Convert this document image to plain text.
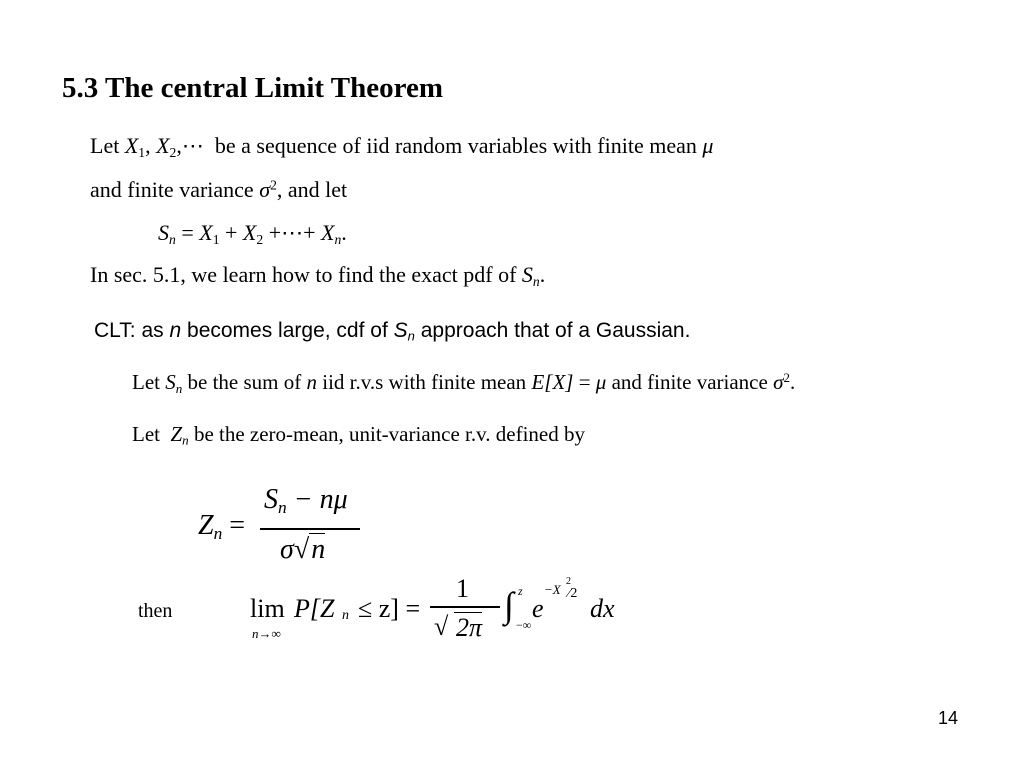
5.3 The central Limit Theorem
Let $X_1$, $X_2,\cdots$ be a sequence of iid random variables with finite mean μ
and finite variance $\sigma^2$, and let
$S_n = X_1 + X_2$ +⋯+ $X_n$.
In sec. 5.1, we learn how to find the exact pdf of $S_n$.
CLT: as n becomes large, cdf of $S_n$ approach that of a Gaussian.
Let $S_n$ be the sum of n iid r.v.s with finite mean E[X] = μ and finite variance $\sigma^2$.
Let $Z_n$ be the zero-mean, unit-variance r.v. defined by
$Z_n$ =
$S_n - n\mu$
σ√n
then	lim
n→∞
P[Z n ≤ z] =
1
√ 2π
∫ z
−∞
e
−X
2
⁄2
dx
14
